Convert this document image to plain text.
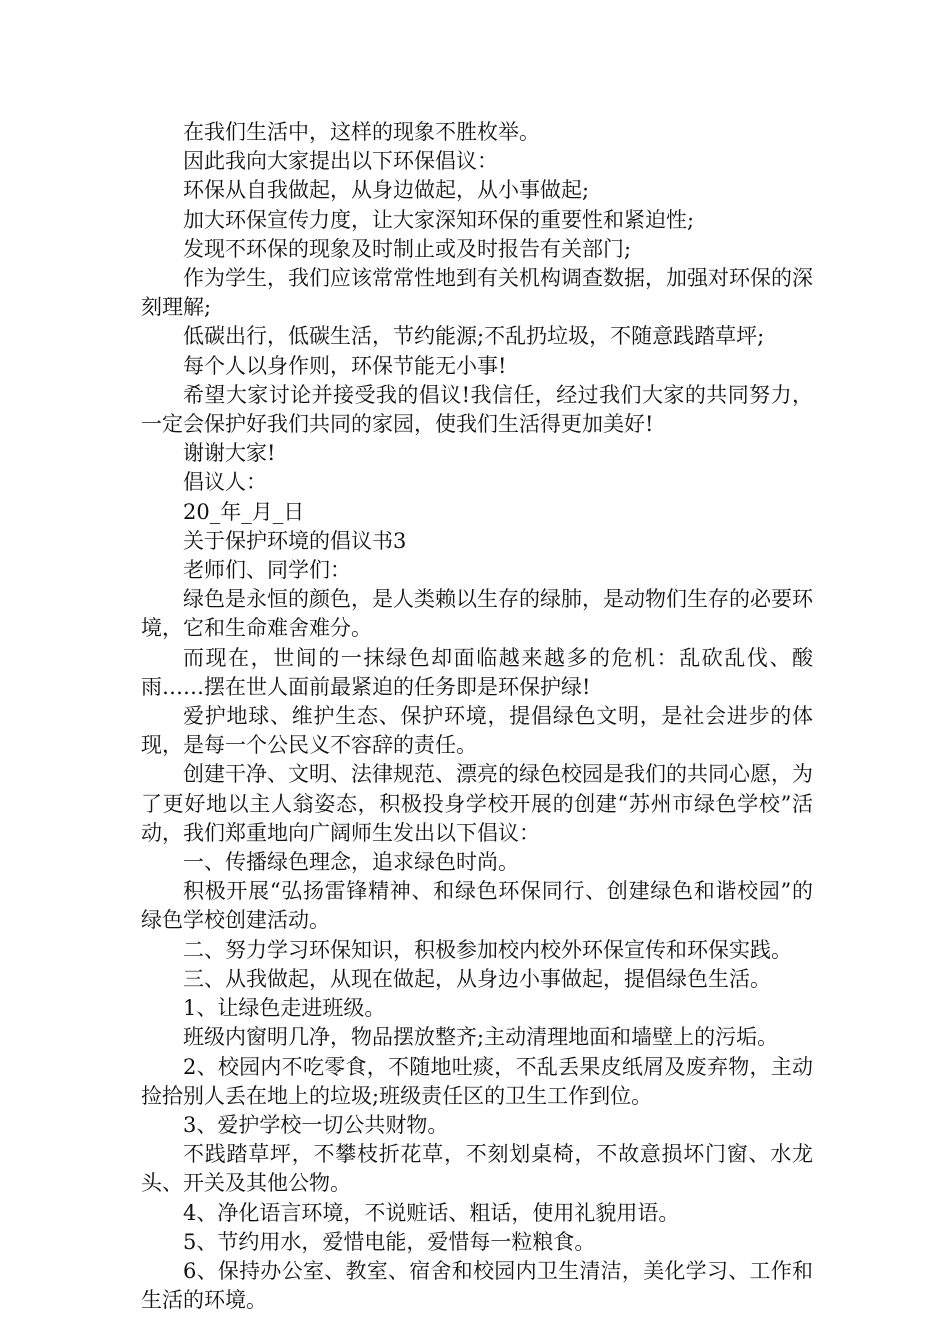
在我们生活中，这样的现象不胜枚举。

因此我向大家提出以下环保倡议：

环保从自我做起，从身边做起，从小事做起;

加大环保宣传力度，让大家深知环保的重要性和紧迫性;

发现不环保的现象及时制止或及时报告有关部门;

作为学生，我们应该常常性地到有关机构调查数据，加强对环保的深刻理解;

低碳出行，低碳生活，节约能源;不乱扔垃圾，不随意践踏草坪;

每个人以身作则，环保节能无小事!

希望大家讨论并接受我的倡议!我信任，经过我们大家的共同努力，一定会保护好我们共同的家园，使我们生活得更加美好!

谢谢大家!

倡议人：

20_年_月_日

关于保护环境的倡议书3

老师们、同学们：

绿色是永恒的颜色，是人类赖以生存的绿肺，是动物们生存的必要环境，它和生命难舍难分。

而现在，世间的一抹绿色却面临越来越多的危机：乱砍乱伐、酸雨……摆在世人面前最紧迫的任务即是环保护绿!

爱护地球、维护生态、保护环境，提倡绿色文明，是社会进步的体现，是每一个公民义不容辞的责任。

创建干净、文明、法律规范、漂亮的绿色校园是我们的共同心愿，为了更好地以主人翁姿态，积极投身学校开展的创建“苏州市绿色学校”活动，我们郑重地向广阔师生发出以下倡议：

一、传播绿色理念，追求绿色时尚。

积极开展“弘扬雷锋精神、和绿色环保同行、创建绿色和谐校园”的绿色学校创建活动。

二、努力学习环保知识，积极参加校内校外环保宣传和环保实践。

三、从我做起，从现在做起，从身边小事做起，提倡绿色生活。

1、让绿色走进班级。

班级内窗明几净，物品摆放整齐;主动清理地面和墙壁上的污垢。

2、校园内不吃零食，不随地吐痰，不乱丢果皮纸屑及废弃物，主动捡拾别人丢在地上的垃圾;班级责任区的卫生工作到位。

3、爱护学校一切公共财物。

不践踏草坪，不攀枝折花草，不刻划桌椅，不故意损坏门窗、水龙头、开关及其他公物。

4、净化语言环境，不说赃话、粗话，使用礼貌用语。

5、节约用水，爱惜电能，爱惜每一粒粮食。

6、保持办公室、教室、宿舍和校园内卫生清洁，美化学习、工作和生活的环境。
